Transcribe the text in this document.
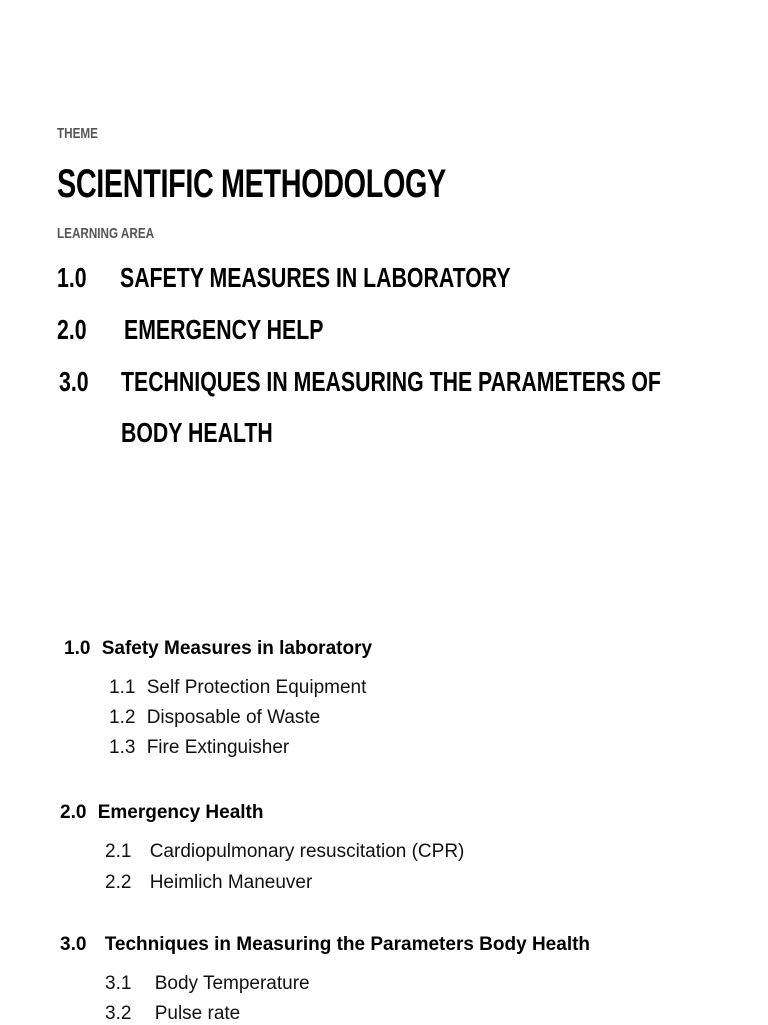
THEME
SCIENTIFIC METHODOLOGY
LEARNING AREA
1.0 SAFETY MEASURES IN LABORATORY
2.0 EMERGENCY HELP
3.0 TECHNIQUES IN MEASURING THE PARAMETERS OF
BODY HEALTH
1.0 Safety Measures in laboratory
1.1 Self Protection Equipment
1.2 Disposable of Waste
1.3 Fire Extinguisher
2.0 Emergency Health
2.1 Cardiopulmonary resuscitation (CPR)
2.2 Heimlich Maneuver
3.0 Techniques in Measuring the Parameters Body Health
3.1 Body Temperature
3.2 Pulse rate
